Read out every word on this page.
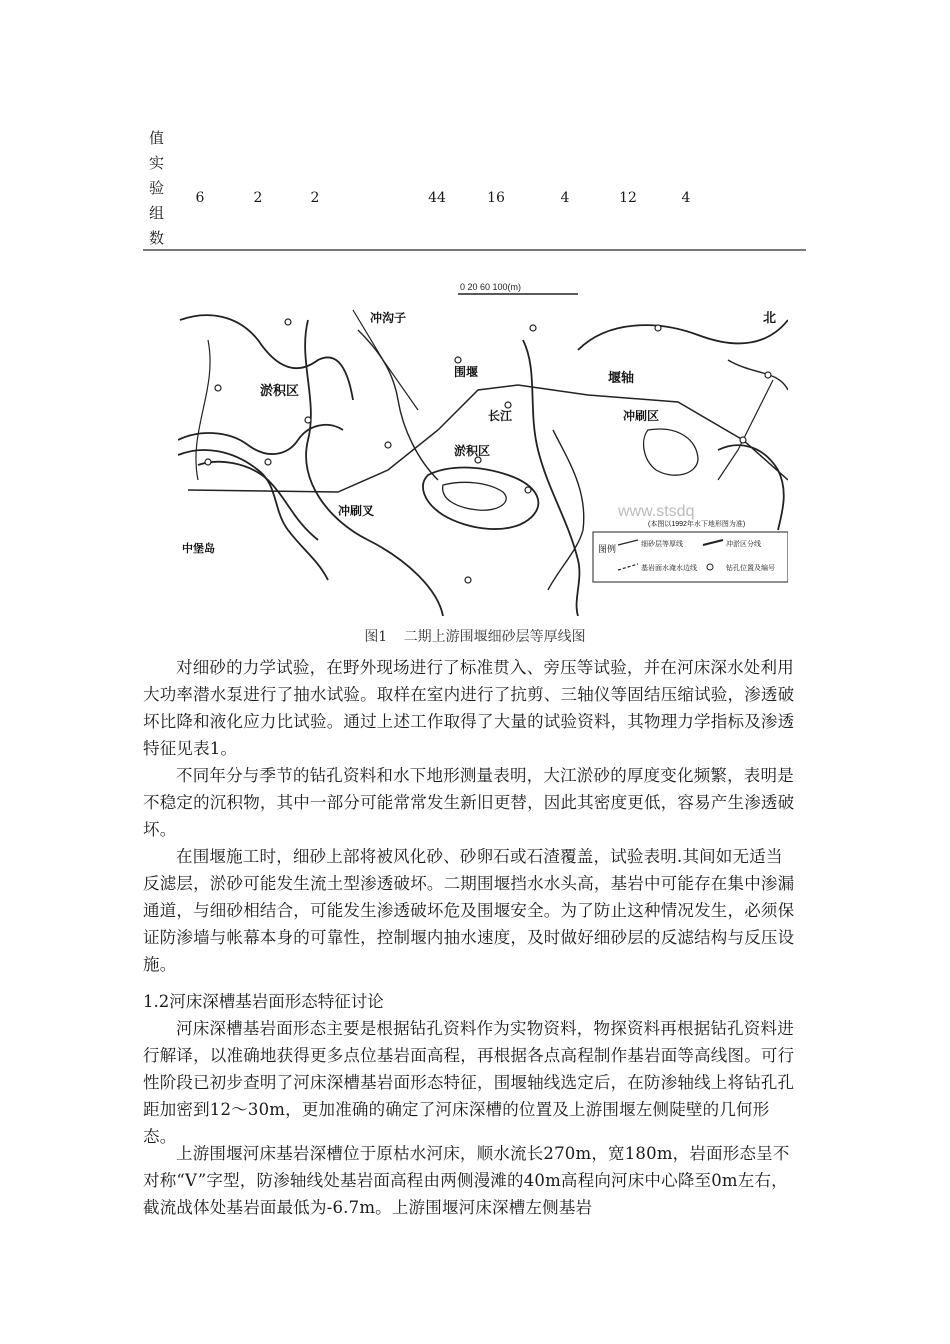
值
实
验
组
数
6	2	2	44	16	4	12	4
0 20 60 100(m)
冲沟子
淤积区
冲刷叉
围堰
淤积区
长江
中堡岛
堰轴
冲刷区
北
www.stsdq
(本图以1992年水下地形图为准)
图例	细砂层等厚线	冲淤区分线
基岩面水淹水边线	钻孔位置及编号
图1 二期上游围堰细砂层等厚线图

对细砂的力学试验，在野外现场进行了标准贯入、旁压等试验，并在河床深水处利用大功率潜水泵进行了抽水试验。取样在室内进行了抗剪、三轴仪等固结压缩试验，渗透破坏比降和液化应力比试验。通过上述工作取得了大量的试验资料，其物理力学指标及渗透特征见表1。

不同年分与季节的钻孔资料和水下地形测量表明，大江淤砂的厚度变化频繁，表明是不稳定的沉积物，其中一部分可能常常发生新旧更替，因此其密度更低，容易产生渗透破坏。

在围堰施工时，细砂上部将被风化砂、砂卵石或石渣覆盖，试验表明.其间如无适当反滤层，淤砂可能发生流土型渗透破坏。二期围堰挡水水头高，基岩中可能存在集中渗漏通道，与细砂相结合，可能发生渗透破坏危及围堰安全。为了防止这种情况发生，必须保证防渗墙与帐幕本身的可靠性，控制堰内抽水速度，及时做好细砂层的反滤结构与反压设施。

1.2河床深槽基岩面形态特征讨论

河床深槽基岩面形态主要是根据钻孔资料作为实物资料，物探资料再根据钻孔资料进行解译，以准确地获得更多点位基岩面高程，再根据各点高程制作基岩面等高线图。可行性阶段已初步查明了河床深槽基岩面形态特征，围堰轴线选定后，在防渗轴线上将钻孔孔距加密到12～30m，更加准确的确定了河床深槽的位置及上游围堰左侧陡壁的几何形态。

上游围堰河床基岩深槽位于原枯水河床，顺水流长270m，宽180m，岩面形态呈不对称“V”字型，防渗轴线处基岩面高程由两侧漫滩的40m高程向河床中心降至0m左右，截流战体处基岩面最低为-6.7m。上游围堰河床深槽左侧基岩
